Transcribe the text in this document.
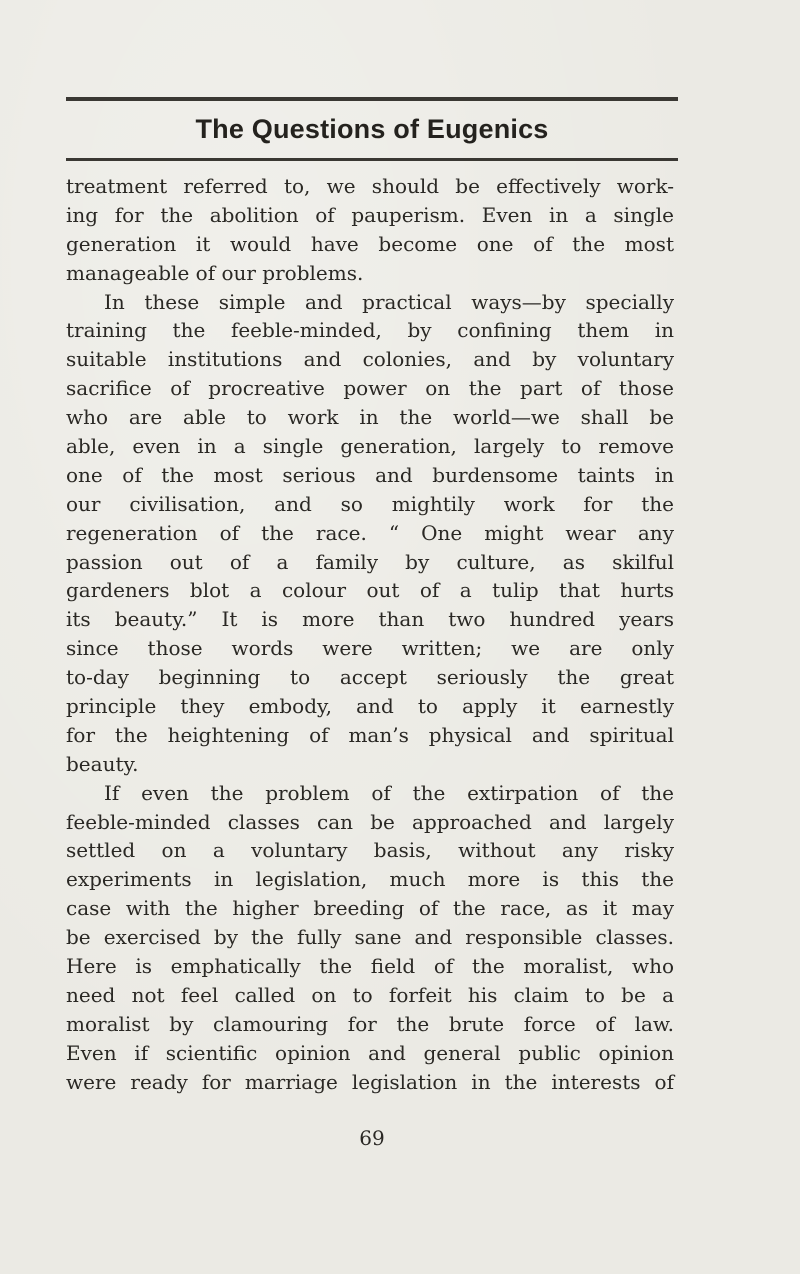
The Questions of Eugenics
treatment referred to, we should be effectively work-
ing for the abolition of pauperism. Even in a single
generation it would have become one of the most
manageable of our problems.
In these simple and practical ways—by specially
training the feeble-minded, by confining them in
suitable institutions and colonies, and by voluntary
sacrifice of procreative power on the part of those
who are able to work in the world—we shall be
able, even in a single generation, largely to remove
one of the most serious and burdensome taints in
our civilisation, and so mightily work for the
regeneration of the race. “ One might wear any
passion out of a family by culture, as skilful
gardeners blot a colour out of a tulip that hurts
its beauty.” It is more than two hundred years
since those words were written; we are only
to-day beginning to accept seriously the great
principle they embody, and to apply it earnestly
for the heightening of man’s physical and spiritual
beauty.
If even the problem of the extirpation of the
feeble-minded classes can be approached and largely
settled on a voluntary basis, without any risky
experiments in legislation, much more is this the
case with the higher breeding of the race, as it may
be exercised by the fully sane and responsible classes.
Here is emphatically the field of the moralist, who
need not feel called on to forfeit his claim to be a
moralist by clamouring for the brute force of law.
Even if scientific opinion and general public opinion
were ready for marriage legislation in the interests of
69
